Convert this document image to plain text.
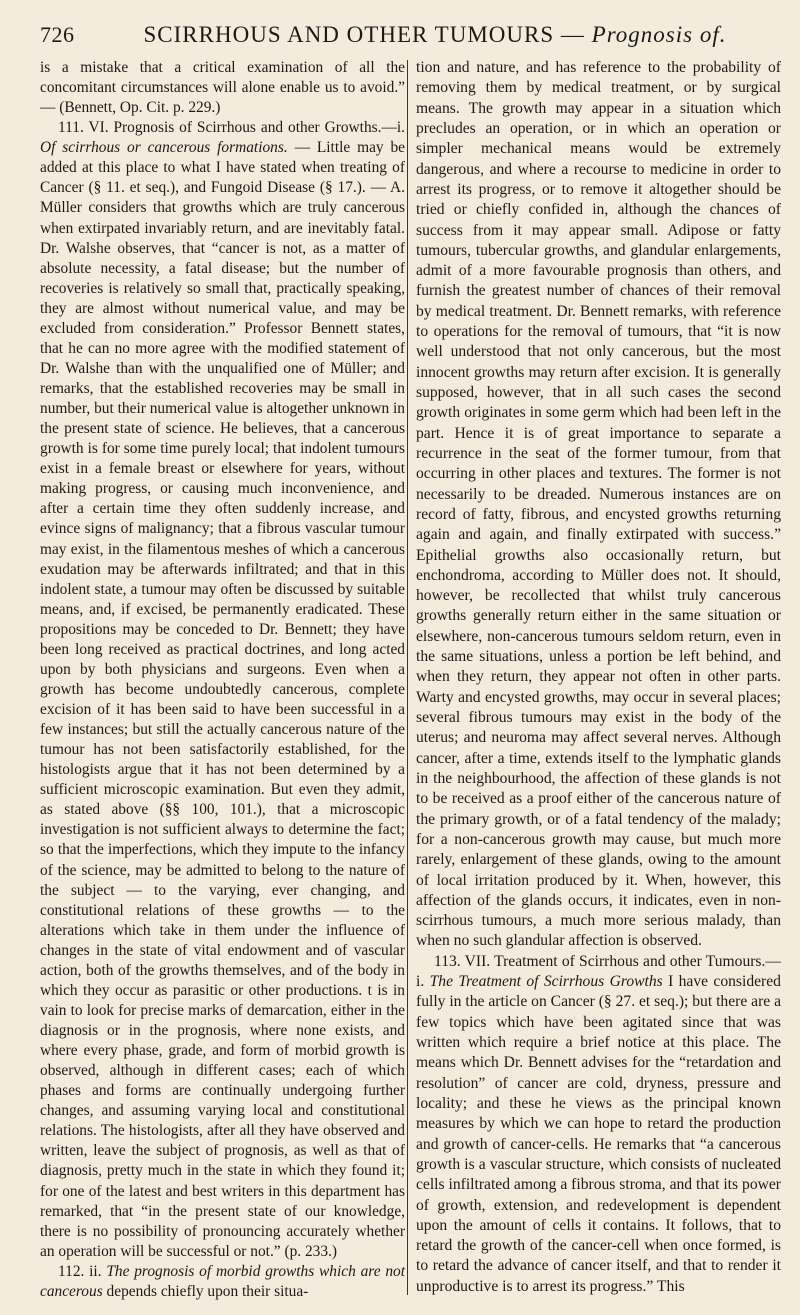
726	SCIRRHOUS AND OTHER TUMOURS — Prognosis of.

is a mistake that a critical examination of all the concomitant circumstances will alone enable us to avoid.” — (Bennett, Op. Cit. p. 229.)

111. VI. Prognosis of Scirrhous and other Growths.—i. Of scirrhous or cancerous formations. — Little may be added at this place to what I have stated when treating of Cancer (§ 11. et seq.), and Fungoid Disease (§ 17.). — A. Müller considers that growths which are truly cancerous when extirpated invariably return, and are inevitably fatal. Dr. Walshe observes, that “cancer is not, as a matter of absolute necessity, a fatal disease; but the number of recoveries is relatively so small that, practically speaking, they are almost without numerical value, and may be excluded from consideration.” Professor Bennett states, that he can no more agree with the modified statement of Dr. Walshe than with the unqualified one of Müller; and remarks, that the established recoveries may be small in number, but their numerical value is altogether unknown in the present state of science. He believes, that a cancerous growth is for some time purely local; that indolent tumours exist in a female breast or elsewhere for years, without making progress, or causing much inconvenience, and after a certain time they often suddenly increase, and evince signs of malignancy; that a fibrous vascular tumour may exist, in the filamentous meshes of which a cancerous exudation may be afterwards infiltrated; and that in this indolent state, a tumour may often be discussed by suitable means, and, if excised, be permanently eradicated. These propositions may be conceded to Dr. Bennett; they have been long received as practical doctrines, and long acted upon by both physicians and surgeons. Even when a growth has become undoubtedly cancerous, complete excision of it has been said to have been successful in a few instances; but still the actually cancerous nature of the tumour has not been satisfactorily established, for the histologists argue that it has not been determined by a sufficient microscopic examination. But even they admit, as stated above (§§ 100, 101.), that a microscopic investigation is not sufficient always to determine the fact; so that the imperfections, which they impute to the infancy of the science, may be admitted to belong to the nature of the subject — to the varying, ever changing, and constitutional relations of these growths — to the alterations which take in them under the influence of changes in the state of vital endowment and of vascular action, both of the growths themselves, and of the body in which they occur as parasitic or other productions. t is in vain to look for precise marks of demarcation, either in the diagnosis or in the prognosis, where none exists, and where every phase, grade, and form of morbid growth is observed, although in different cases; each of which phases and forms are continually undergoing further changes, and assuming varying local and constitutional relations. The histologists, after all they have observed and written, leave the subject of prognosis, as well as that of diagnosis, pretty much in the state in which they found it; for one of the latest and best writers in this department has remarked, that “in the present state of our knowledge, there is no possibility of pronouncing accurately whether an operation will be successful or not.” (p. 233.)

112. ii. The prognosis of morbid growths which are not cancerous depends chiefly upon their situa-

tion and nature, and has reference to the probability of removing them by medical treatment, or by surgical means. The growth may appear in a situation which precludes an operation, or in which an operation or simpler mechanical means would be extremely dangerous, and where a recourse to medicine in order to arrest its progress, or to remove it altogether should be tried or chiefly confided in, although the chances of success from it may appear small. Adipose or fatty tumours, tubercular growths, and glandular enlargements, admit of a more favourable prognosis than others, and furnish the greatest number of chances of their removal by medical treatment. Dr. Bennett remarks, with reference to operations for the removal of tumours, that “it is now well understood that not only cancerous, but the most innocent growths may return after excision. It is generally supposed, however, that in all such cases the second growth originates in some germ which had been left in the part. Hence it is of great importance to separate a recurrence in the seat of the former tumour, from that occurring in other places and textures. The former is not necessarily to be dreaded. Numerous instances are on record of fatty, fibrous, and encysted growths returning again and again, and finally extirpated with success.” Epithelial growths also occasionally return, but enchondroma, according to Müller does not. It should, however, be recollected that whilst truly cancerous growths generally return either in the same situation or elsewhere, non-cancerous tumours seldom return, even in the same situations, unless a portion be left behind, and when they return, they appear not often in other parts. Warty and encysted growths, may occur in several places; several fibrous tumours may exist in the body of the uterus; and neuroma may affect several nerves. Although cancer, after a time, extends itself to the lymphatic glands in the neighbourhood, the affection of these glands is not to be received as a proof either of the cancerous nature of the primary growth, or of a fatal tendency of the malady; for a non-cancerous growth may cause, but much more rarely, enlargement of these glands, owing to the amount of local irritation produced by it. When, however, this affection of the glands occurs, it indicates, even in non-scirrhous tumours, a much more serious malady, than when no such glandular affection is observed.

113. VII. Treatment of Scirrhous and other Tumours.—i. The Treatment of Scirrhous Growths I have considered fully in the article on Cancer (§ 27. et seq.); but there are a few topics which have been agitated since that was written which require a brief notice at this place. The means which Dr. Bennett advises for the “retardation and resolution” of cancer are cold, dryness, pressure and locality; and these he views as the principal known measures by which we can hope to retard the production and growth of cancer-cells. He remarks that “a cancerous growth is a vascular structure, which consists of nucleated cells infiltrated among a fibrous stroma, and that its power of growth, extension, and redevelopment is dependent upon the amount of cells it contains. It follows, that to retard the growth of the cancer-cell when once formed, is to retard the advance of cancer itself, and that to render it unproductive is to arrest its progress.” This
